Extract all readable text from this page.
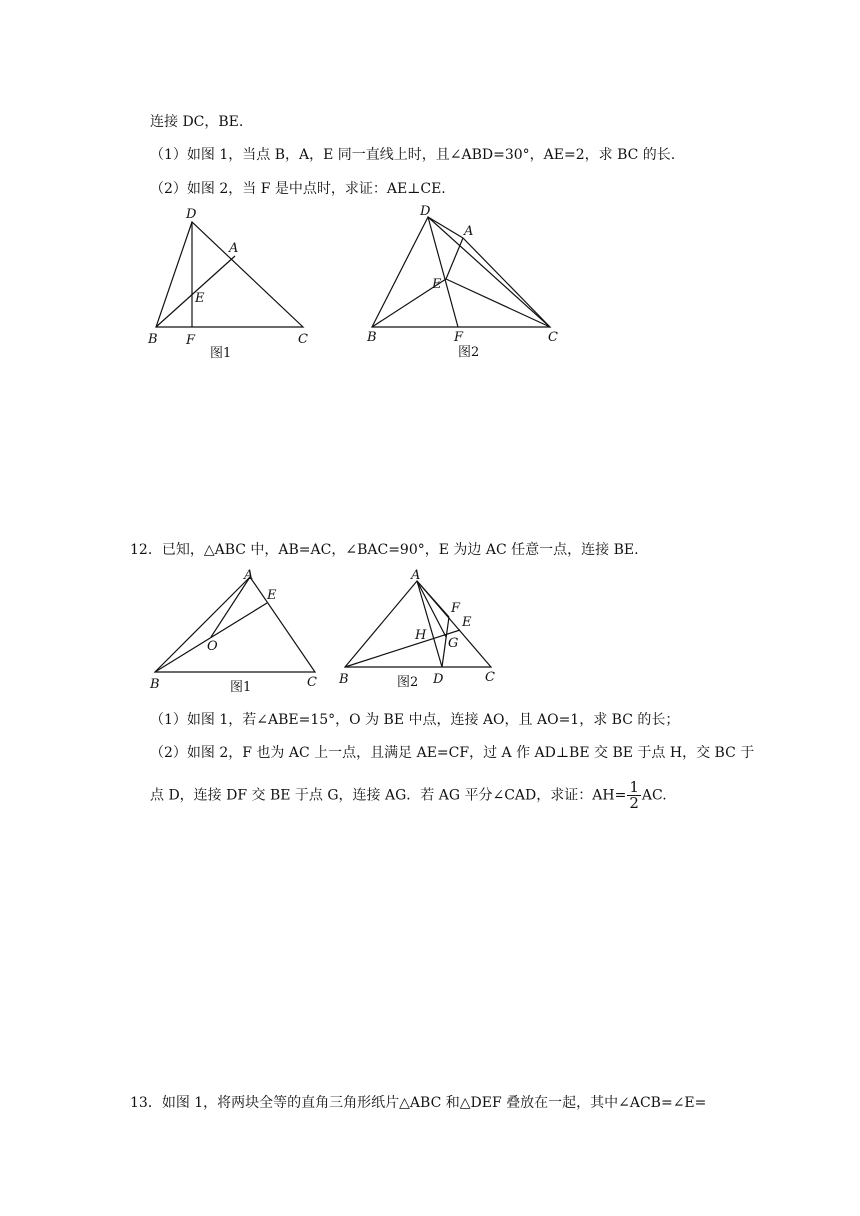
连接 DC，BE.
（1）如图 1，当点 B，A，E 同一直线上时，且∠ABD=30°，AE=2，求 BC 的长.
（2）如图 2，当 F 是中点时，求证：AE⊥CE.
D
A
E
B F	C
图1
D
A
E
B	F	C
图2
12．已知，△ABC 中，AB=AC，∠BAC=90°，E 为边 AC 任意一点，连接 BE.
A
E
O
B	C
图1
A
F
E
H
G
B	D	C
图2
（1）如图 1，若∠ABE=15°，O 为 BE 中点，连接 AO，且 AO=1，求 BC 的长；
（2）如图 2，F 也为 AC 上一点，且满足 AE=CF，过 A 作 AD⊥BE 交 BE 于点 H，交 BC 于
点 D，连接 DF 交 BE 于点 G，连接 AG．若 AG 平分∠CAD，求证：$AH= \frac{1}{2}$ AC.
13．如图 1，将两块全等的直角三角形纸片△ABC 和△DEF 叠放在一起，其中∠ACB=∠E=
